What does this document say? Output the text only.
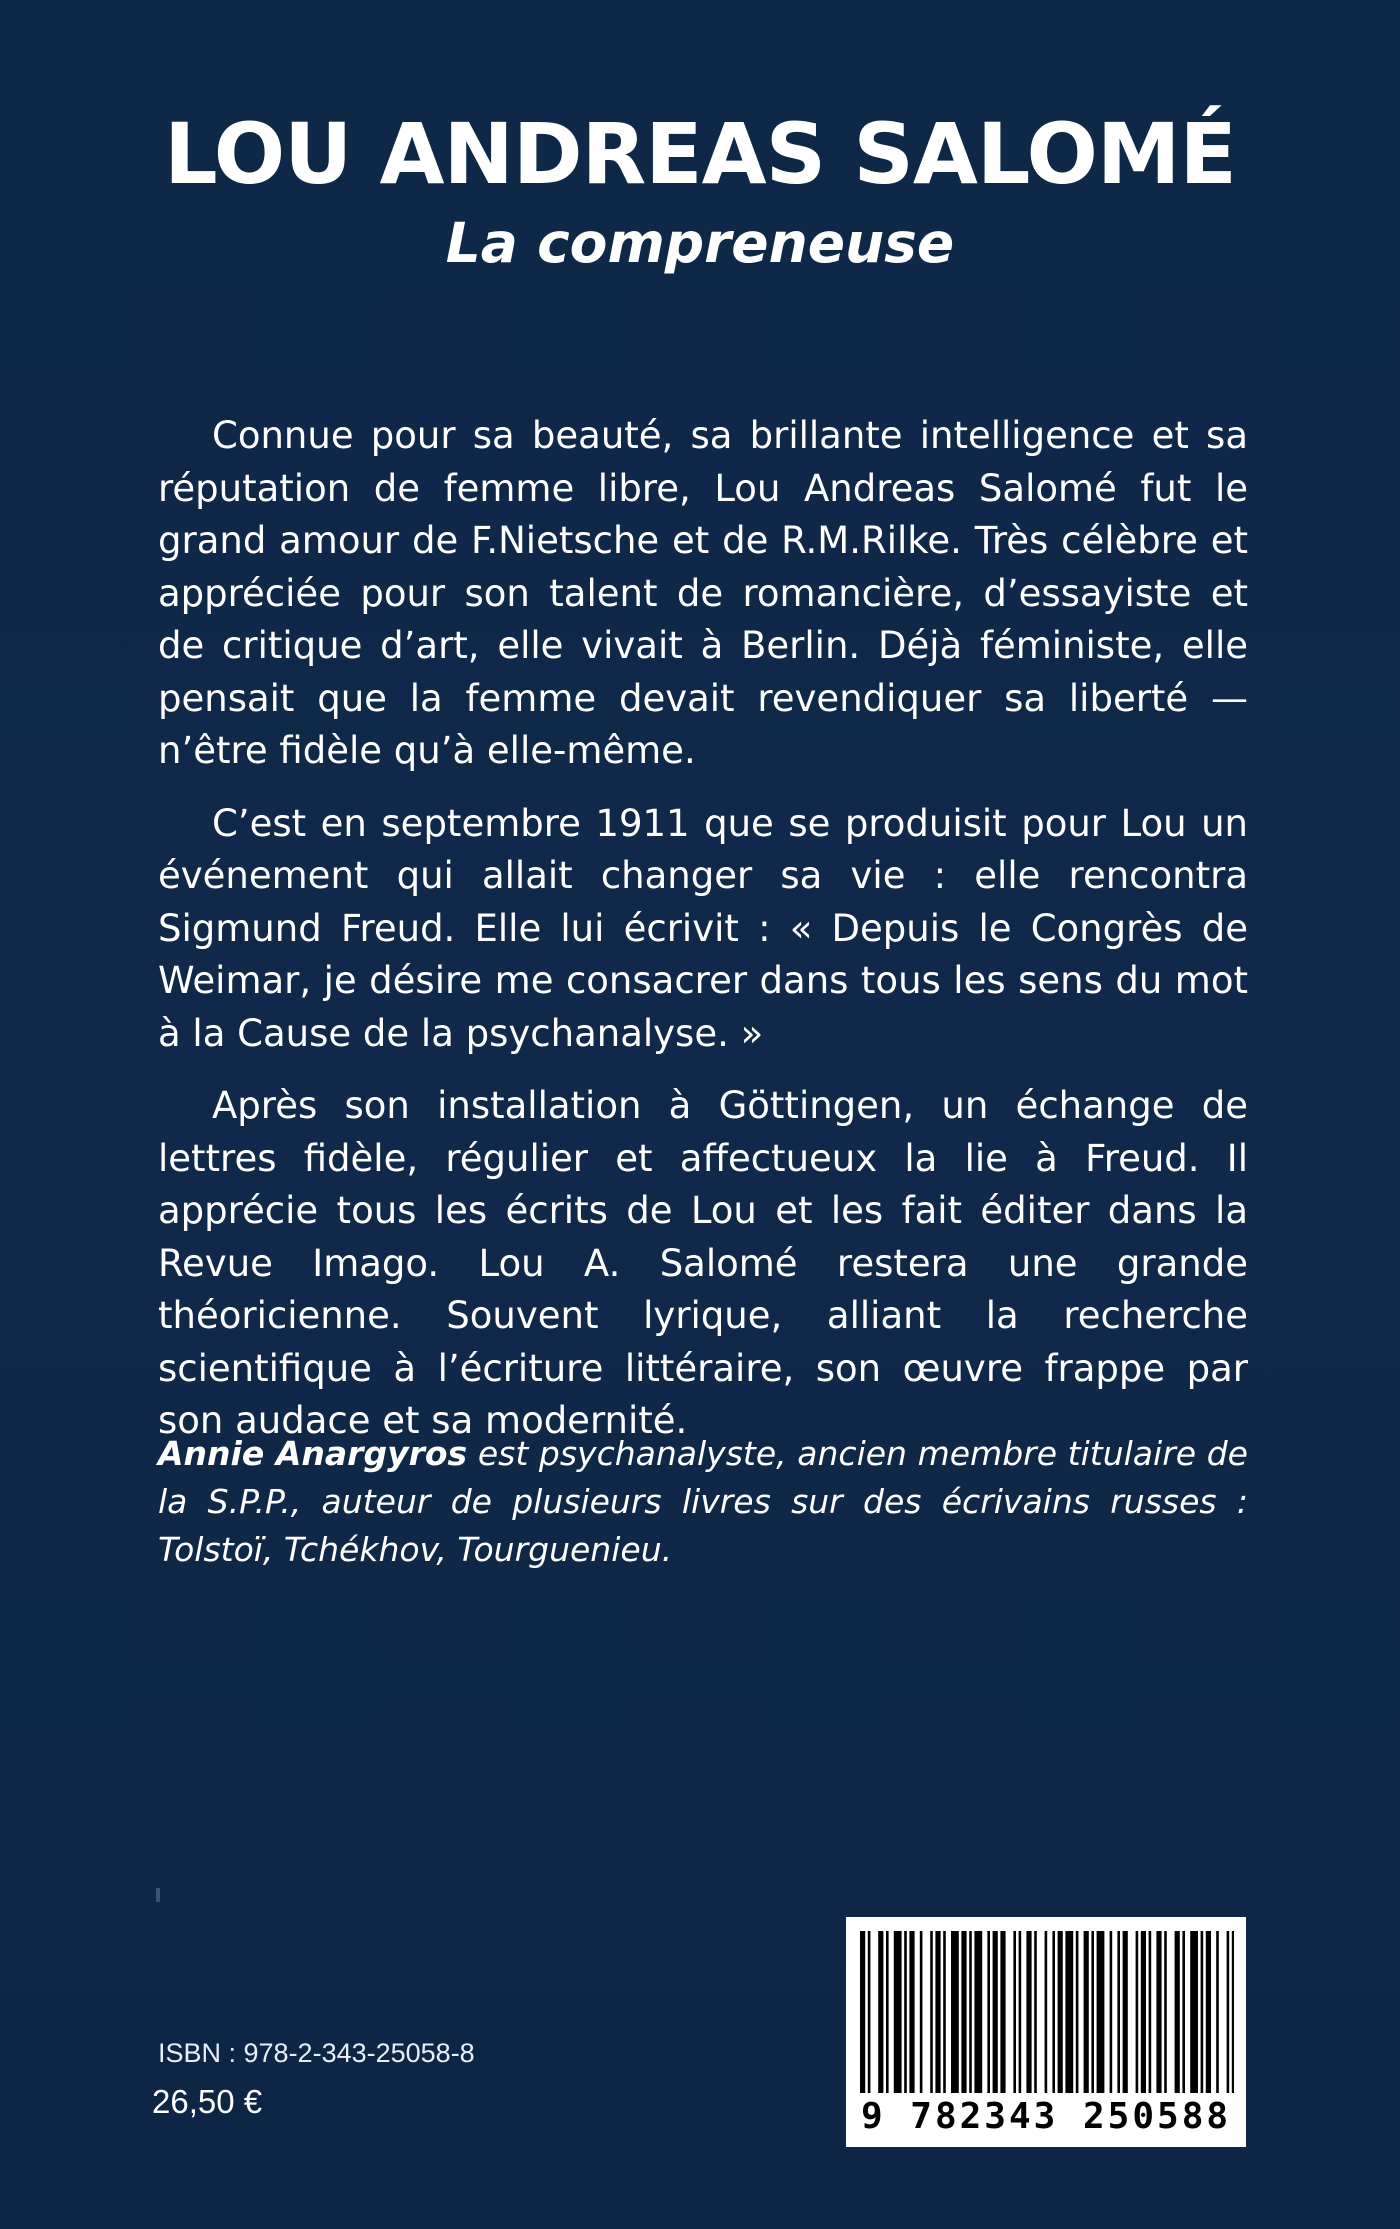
LOU ANDREAS SALOMÉ
La compreneuse

Connue pour sa beauté, sa brillante intelligence et sa réputation de femme libre, Lou Andreas Salomé fut le grand amour de F.Nietsche et de R.M.Rilke. Très célèbre et appréciée pour son talent de romancière, d’essayiste et de critique d’art, elle vivait à Berlin. Déjà féministe, elle pensait que la femme devait revendiquer sa liberté — n’être fidèle qu’à elle-même.

C’est en septembre 1911 que se produisit pour Lou un événement qui allait changer sa vie : elle rencontra Sigmund Freud. Elle lui écrivit : « Depuis le Congrès de Weimar, je désire me consacrer dans tous les sens du mot à la Cause de la psychanalyse. »

Après son installation à Göttingen, un échange de lettres fidèle, régulier et affectueux la lie à Freud. Il apprécie tous les écrits de Lou et les fait éditer dans la Revue Imago. Lou A. Salomé restera une grande théoricienne. Souvent lyrique, alliant la recherche scientifique à l’écriture littéraire, son œuvre frappe par son audace et sa modernité.

Annie Anargyros est psychanalyste, ancien membre titulaire de la S.P.P., auteur de plusieurs livres sur des écrivains russes : Tolstoï, Tchékhov, Tourguenieu.

ISBN : 978-2-343-25058-8

26,50 €	9 782343 250588
